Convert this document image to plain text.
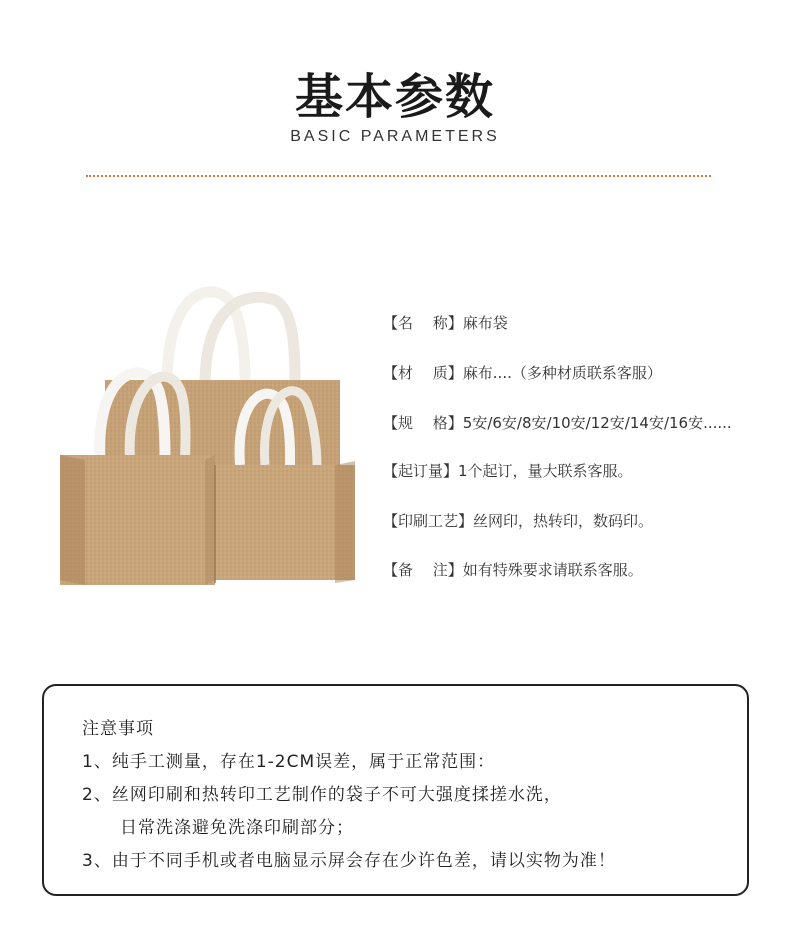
基本参数
BASIC PARAMETERS
【名　 称】麻布袋
【材　 质】麻布....（多种材质联系客服）
【规　 格】5安/6安/8安/10安/12安/14安/16安......
【起订量】1个起订，量大联系客服。
【印刷工艺】丝网印，热转印，数码印。
【备　 注】如有特殊要求请联系客服。
注意事项
1、纯手工测量，存在1-2CM误差，属于正常范围：
2、丝网印刷和热转印工艺制作的袋子不可大强度揉搓水洗，
日常洗涤避免洗涤印刷部分；
3、由于不同手机或者电脑显示屏会存在少许色差，请以实物为准！
